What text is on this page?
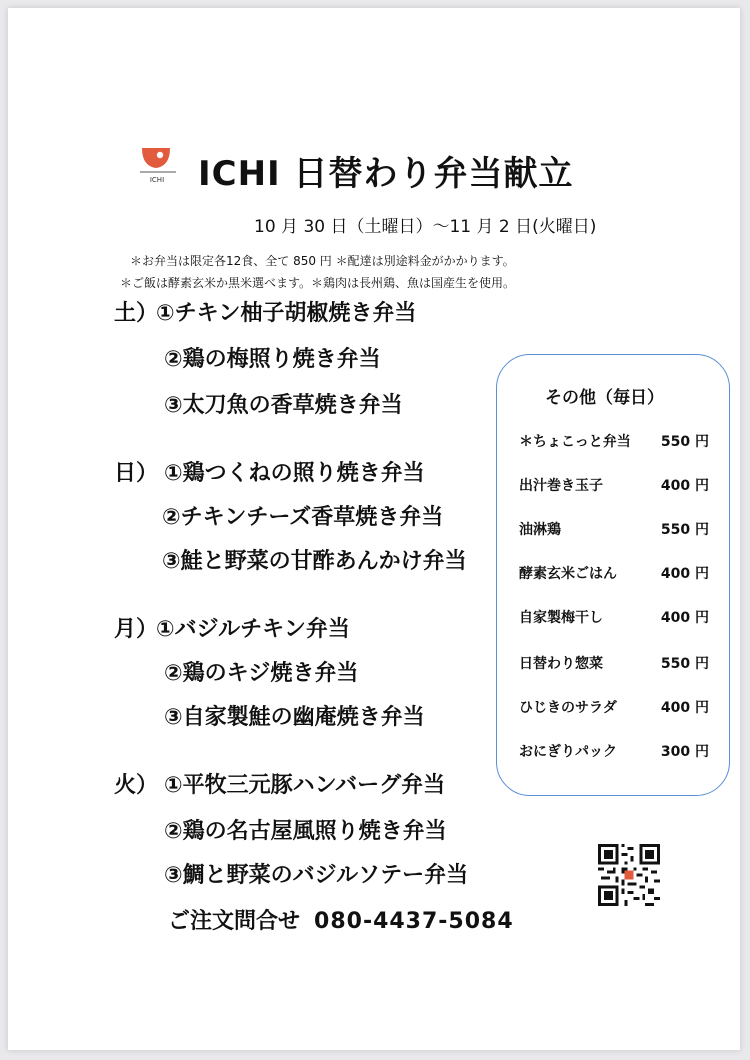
ICHI ICHI 日替わり弁当献立
10 月 30 日（土曜日）～11 月 2 日(火曜日)
＊お弁当は限定各12食、全て 850 円 ＊配達は別途料金がかかります。
＊ご飯は酵素玄米か黒米選べます。＊鶏肉は長州鶏、魚は国産生を使用。
土）
①チキン柚子胡椒焼き弁当
②鶏の梅照り焼き弁当
③太刀魚の香草焼き弁当
日） ①鶏つくねの照り焼き弁当
②チキンチーズ香草焼き弁当
③鮭と野菜の甘酢あんかけ弁当
月）
①バジルチキン弁当
②鶏のキジ焼き弁当
③自家製鮭の幽庵焼き弁当
火） ①平牧三元豚ハンバーグ弁当
②鶏の名古屋風照り焼き弁当
③鯛と野菜のバジルソテー弁当
ご注文問合せ 080-4437-5084
その他（毎日）
＊ちょこっと弁当 550 円
出汁巻き玉子	400 円
油淋鶏	550 円
酵素玄米ごはん	400 円
自家製梅干し	400 円
日替わり惣菜	550 円
ひじきのサラダ	400 円
おにぎりパック	300 円
